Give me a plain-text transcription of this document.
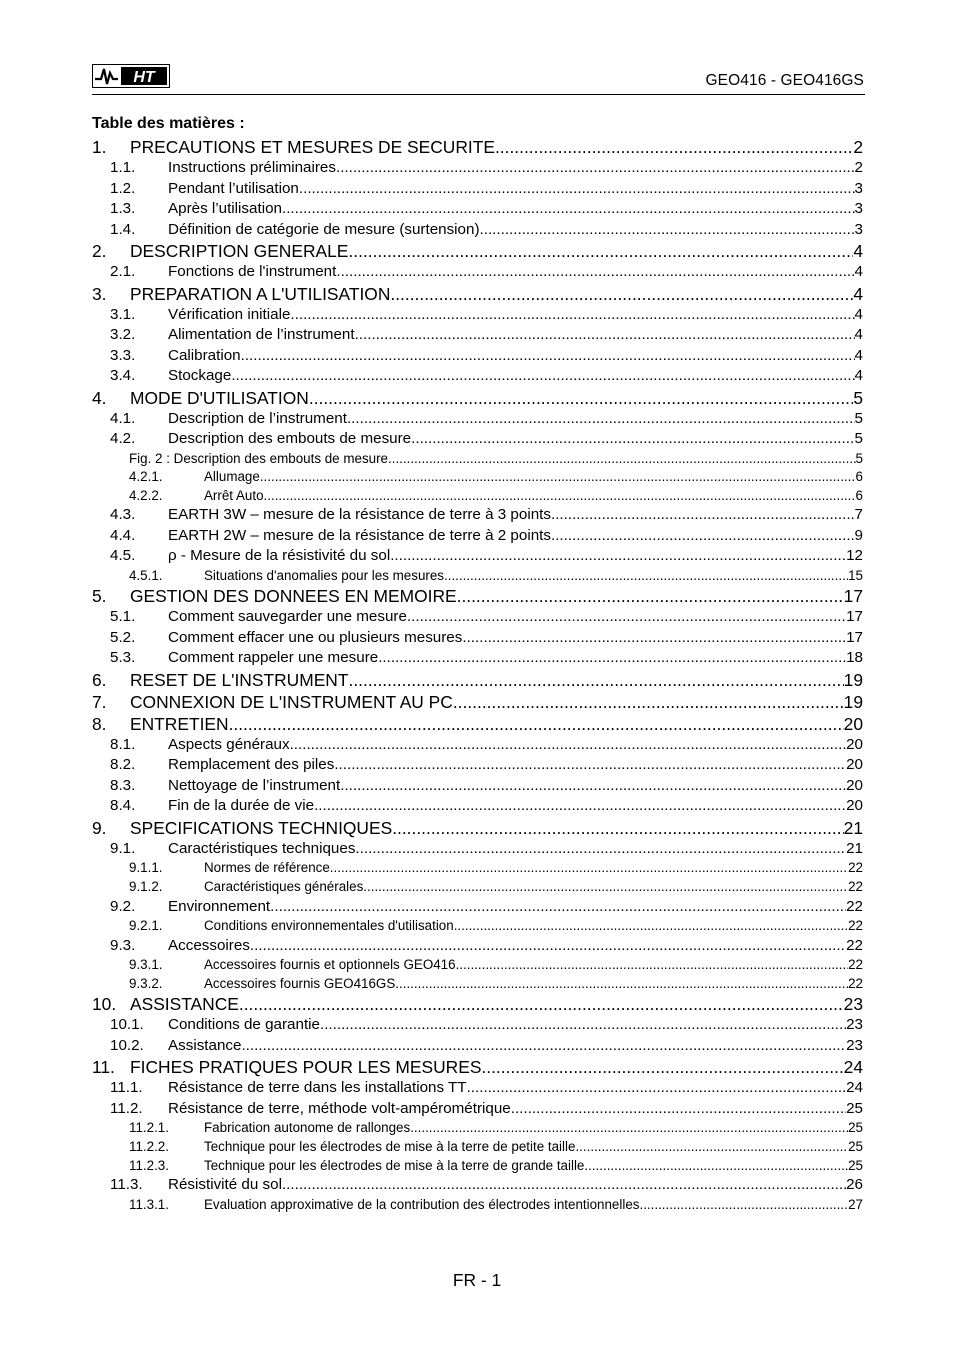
HT	GEO416 - GEO416GS
Table des matières :
1.	PRECAUTIONS ET MESURES DE SECURITE .....	2
1.1.	Instructions préliminaires .....	2
1.2.	Pendant l’utilisation .....	3
1.3.	Après l’utilisation .....	3
1.4.	Définition de catégorie de mesure (surtension) .....	3
2.	DESCRIPTION GENERALE .....	4
2.1.	Fonctions de l'instrument .....	4
3.	PREPARATION A L'UTILISATION .....	4
3.1.	Vérification initiale .....	4
3.2.	Alimentation de l’instrument .....	4
3.3.	Calibration .....	4
3.4.	Stockage .....	4
4.	MODE D'UTILISATION .....	5
4.1.	Description de l’instrument .....	5
4.2.	Description des embouts de mesure .....	5
Fig. 2 : Description des embouts de mesure .....	5
4.2.1.	Allumage .....	6
4.2.2.	Arrêt Auto .....	6
4.3.	EARTH 3W – mesure de la résistance de terre à 3 points .....	7
4.4.	EARTH 2W – mesure de la résistance de terre à 2 points .....	9
4.5.	ρ - Mesure de la résistivité du sol .....	12
4.5.1.	Situations d'anomalies pour les mesures .....	15
5.	GESTION DES DONNEES EN MEMOIRE .....	17
5.1.	Comment sauvegarder une mesure .....	17
5.2.	Comment effacer une ou plusieurs mesures .....	17
5.3.	Comment rappeler une mesure .....	18
6.	RESET DE L'INSTRUMENT .....	19
7.	CONNEXION DE L'INSTRUMENT AU PC .....	19
8.	ENTRETIEN .....	20
8.1.	Aspects généraux .....	20
8.2.	Remplacement des piles .....	20
8.3.	Nettoyage de l’instrument .....	20
8.4.	Fin de la durée de vie .....	20
9.	SPECIFICATIONS TECHNIQUES .....	21
9.1.	Caractéristiques techniques .....	21
9.1.1.	Normes de référence .....	22
9.1.2.	Caractéristiques générales .....	22
9.2.	Environnement .....	22
9.2.1.	Conditions environnementales d'utilisation .....	22
9.3.	Accessoires .....	22
9.3.1.	Accessoires fournis et optionnels GEO416 .....	22
9.3.2.	Accessoires fournis GEO416GS .....	22
10. ASSISTANCE .....	23
10.1.	Conditions de garantie .....	23
10.2.	Assistance .....	23
11. FICHES PRATIQUES POUR LES MESURES .....	24
11.1.	Résistance de terre dans les installations TT .....	24
11.2.	Résistance de terre, méthode volt-ampérométrique .....	25
11.2.1.	Fabrication autonome de rallonges .....	25
11.2.2.	Technique pour les électrodes de mise à la terre de petite taille .....	25
11.2.3.	Technique pour les électrodes de mise à la terre de grande taille .....	25
11.3.	Résistivité du sol .....	26
11.3.1.	Evaluation approximative de la contribution des électrodes intentionnelles .....	27
FR - 1
